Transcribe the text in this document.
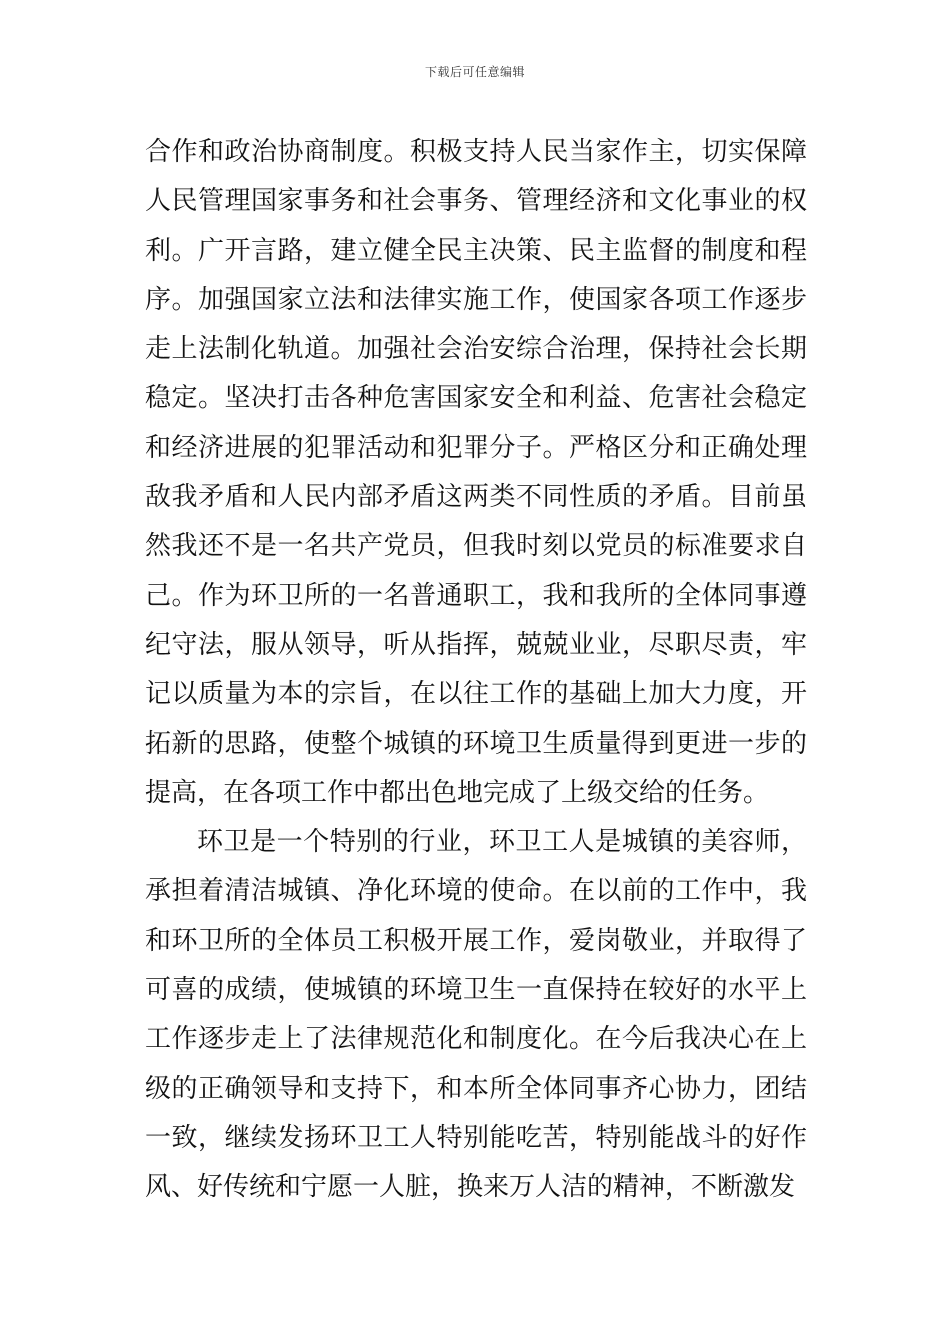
下载后可任意编辑

合作和政治协商制度。积极支持人民当家作主，切实保障人民管理国家事务和社会事务、管理经济和文化事业的权利。广开言路，建立健全民主决策、民主监督的制度和程序。加强国家立法和法律实施工作，使国家各项工作逐步走上法制化轨道。加强社会治安综合治理，保持社会长期稳定。坚决打击各种危害国家安全和利益、危害社会稳定和经济进展的犯罪活动和犯罪分子。严格区分和正确处理敌我矛盾和人民内部矛盾这两类不同性质的矛盾。目前虽然我还不是一名共产党员，但我时刻以党员的标准要求自己。作为环卫所的一名普通职工，我和我所的全体同事遵纪守法，服从领导，听从指挥，兢兢业业，尽职尽责，牢记以质量为本的宗旨，在以往工作的基础上加大力度，开拓新的思路，使整个城镇的环境卫生质量得到更进一步的提高，在各项工作中都出色地完成了上级交给的任务。

环卫是一个特别的行业，环卫工人是城镇的美容师，承担着清洁城镇、净化环境的使命。在以前的工作中，我和环卫所的全体员工积极开展工作，爱岗敬业，并取得了可喜的成绩，使城镇的环境卫生一直保持在较好的水平上工作逐步走上了法律规范化和制度化。在今后我决心在上级的正确领导和支持下，和本所全体同事齐心协力，团结一致，继续发扬环卫工人特别能吃苦，特别能战斗的好作风、好传统和宁愿一人脏，换来万人洁的精神，不断激发
